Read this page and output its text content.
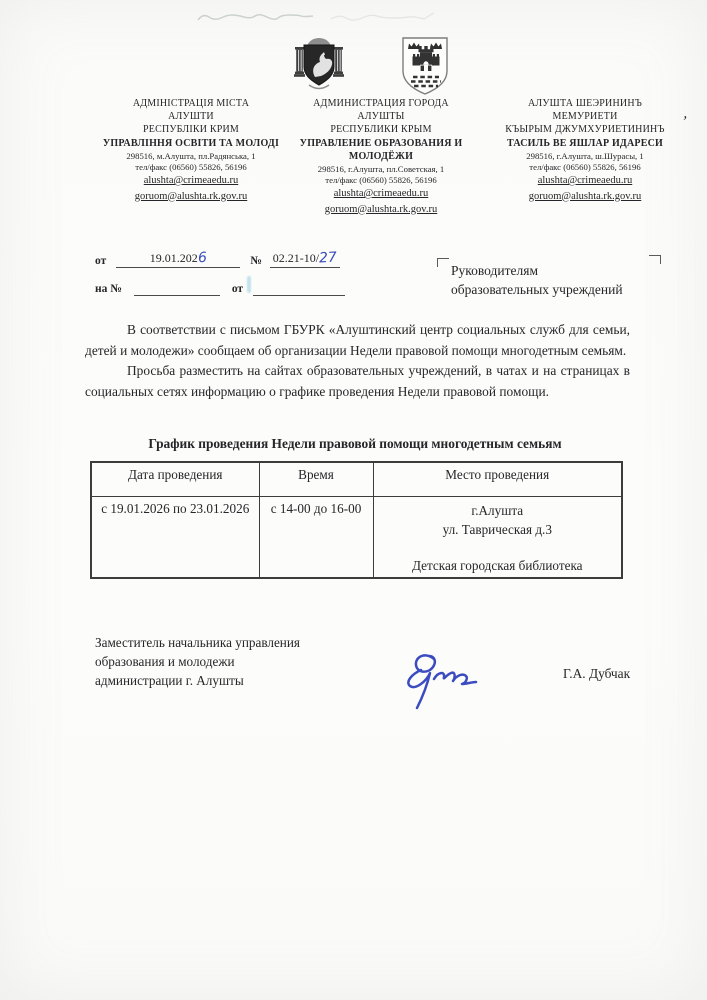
АДМІНІСТРАЦІЯ МІСТА
АЛУШТИ
РЕСПУБЛІКИ КРИМ
УПРАВЛІННЯ ОСВІТИ ТА МОЛОДІ
298516, м.Алушта, пл.Радянська, 1
тел/факс (06560) 55826, 56196
alushta@crimeaedu.ru
goruom@alushta.rk.gov.ru
АДМИНИСТРАЦИЯ ГОРОДА
АЛУШТЫ
РЕСПУБЛИКИ КРЫМ
УПРАВЛЕНИЕ ОБРАЗОВАНИЯ И МОЛОДЁЖИ
298516, г.Алушта, пл.Советская, 1
тел/факс (06560) 55826, 56196
alushta@crimeaedu.ru
goruom@alushta.rk.gov.ru
АЛУШТА ШЕЭРИНИНЪ
МЕМУРИЕТИ
КЪЫРЫМ ДЖУМХУРИЕТИНИНЪ
ТАСИЛЬ ВЕ ЯШЛАР ИДАРЕСИ
298516, г.Алушта, ш.Шурасы, 1
тел/факс (06560) 55826, 56196
alushta@crimeaedu.ru
goruom@alushta.rk.gov.ru
’
от	19.01.2026	№ 02.21-10/27
на №	от
Руководителям
образовательных учреждений

В соответствии с письмом ГБУРК «Алуштинский центр социальных служб для семьи, детей и молодежи» сообщаем об организации Недели правовой помощи многодетным семьям.

Просьба разместить на сайтах образовательных учреждений, в чатах и на страницах в социальных сетях информацию о графике проведения Недели правовой помощи.

График проведения Недели правовой помощи многодетным семьям
Дата проведения	Время	Место проведения
с 19.01.2026 по 23.01.2026	с 14-00 до 16-00	г.Алушта
ул. Таврическая д.3
Детская городская библиотека
Заместитель начальника управления
образования и молодежи
администрации г. Алушты	Г.А. Дубчак
